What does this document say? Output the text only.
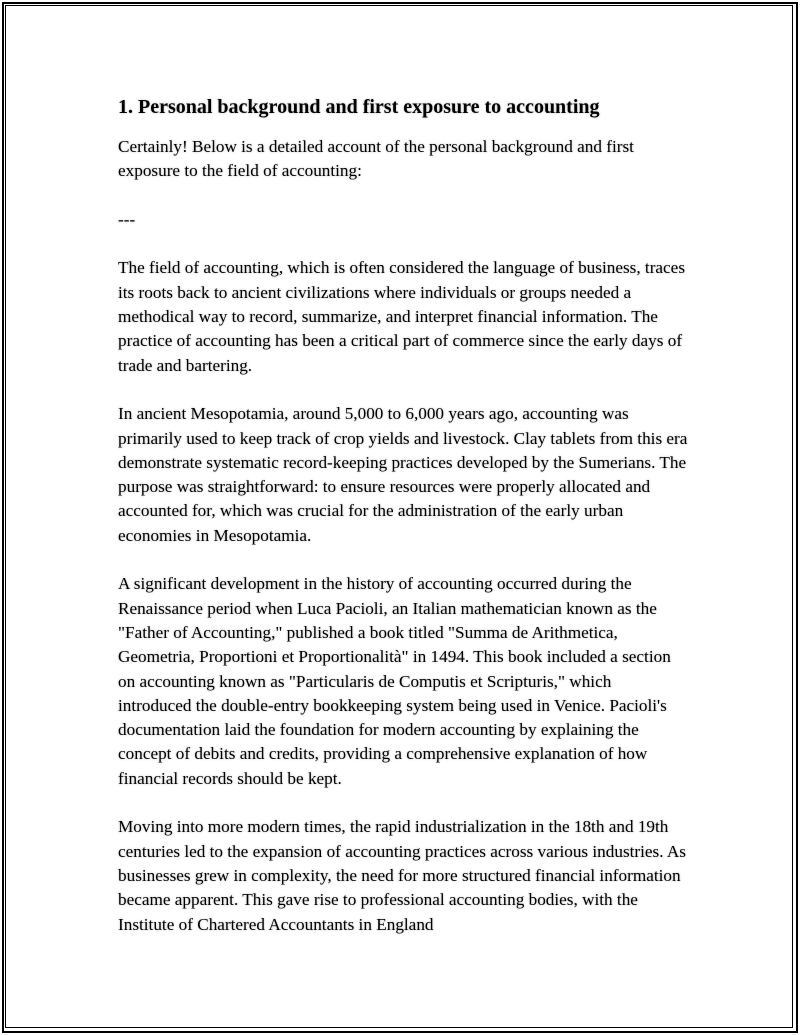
1. Personal background and first exposure to accounting

Certainly! Below is a detailed account of the personal background and first exposure to the field of accounting:

---

The field of accounting, which is often considered the language of business, traces its roots back to ancient civilizations where individuals or groups needed a methodical way to record, summarize, and interpret financial information. The practice of accounting has been a critical part of commerce since the early days of trade and bartering.

In ancient Mesopotamia, around 5,000 to 6,000 years ago, accounting was primarily used to keep track of crop yields and livestock. Clay tablets from this era demonstrate systematic record-keeping practices developed by the Sumerians. The purpose was straightforward: to ensure resources were properly allocated and accounted for, which was crucial for the administration of the early urban economies in Mesopotamia.

A significant development in the history of accounting occurred during the Renaissance period when Luca Pacioli, an Italian mathematician known as the "Father of Accounting," published a book titled "Summa de Arithmetica, Geometria, Proportioni et Proportionalità" in 1494. This book included a section on accounting known as "Particularis de Computis et Scripturis," which introduced the double-entry bookkeeping system being used in Venice. Pacioli's documentation laid the foundation for modern accounting by explaining the concept of debits and credits, providing a comprehensive explanation of how financial records should be kept.

Moving into more modern times, the rapid industrialization in the 18th and 19th centuries led to the expansion of accounting practices across various industries. As businesses grew in complexity, the need for more structured financial information became apparent. This gave rise to professional accounting bodies, with the Institute of Chartered Accountants in England
